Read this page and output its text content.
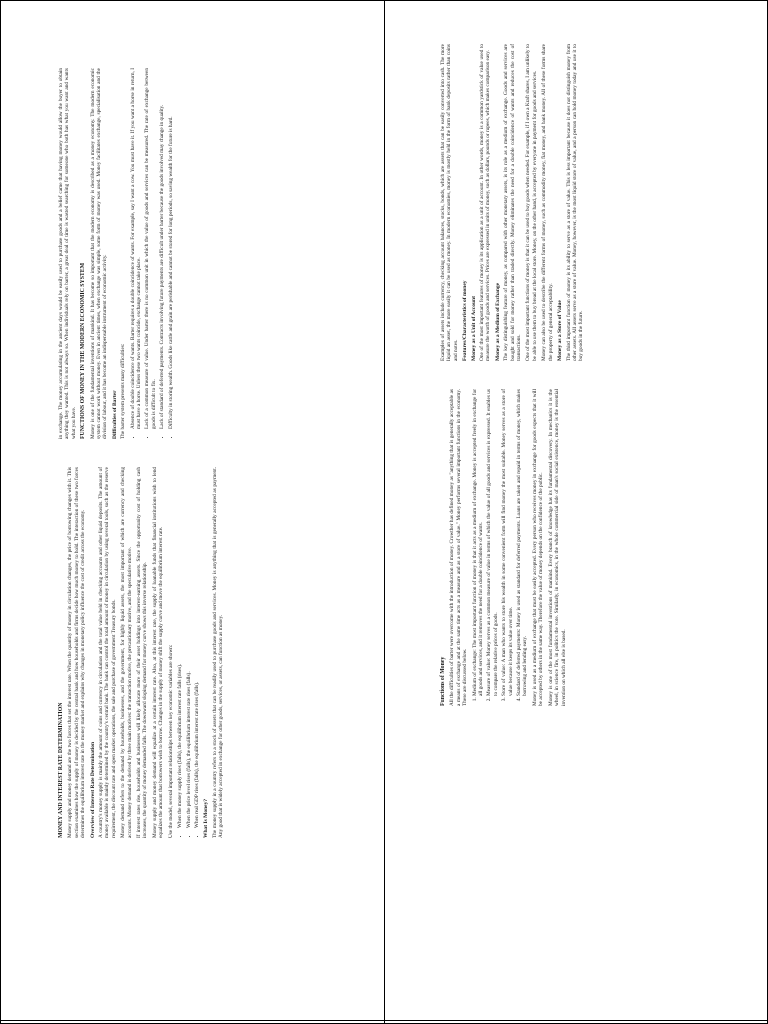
MONEY AND INTEREST RATE DETERMINATION Money supply and money demand are the two forces that set the interest rate. When the quantity of money in circulation changes, the price of borrowing changes with it. This section examines how the supply of money is decided by the central bank and how households and firms decide how much money to hold. The interaction of these two forces determines the equilibrium interest rate in the money market and explains why changes in monetary policy influence the cost of credit across the economy. Overview of Interest Rate Determination A country's money supply is mainly the amount of coins and currency in circulation and the total value held in checking accounts and other liquid deposits. The amount of money available is mainly determined by the country's central bank. The bank can control the total amount of money in circulation by using several tools, such as the reserve requirement, the discount rate and open market operations, the sale and purchase of government Treasury bonds. Money demand refers to the demand by households, businesses, and the government, for highly liquid assets, the most important of which are currency and checking accounts. Money demand is derived by three main motives: the transaction motive, the precautionary motive, and the speculative motive. If interest rates rise, households and businesses will likely allocate more of their asset holdings into interest-earning assets. Since the opportunity cost of holding cash increases, the quantity of money demanded falls. The downward sloping demand for money curve shows this inverse relationship. Money supply and money demand will equalize at a certain interest rate. Also, at this interest rate, the supply of loanable funds that financial institutions wish to lend equalizes the amount that borrowers wish to borrow. Changes in the supply of money shift the supply curve and move the equilibrium interest rate. Use the model, several important relationships between key economic variables are shown: • When the money supply rises (falls), the equilibrium interest rate falls (rises). • When the price level rises (falls), the equilibrium interest rate rises (falls). • When real GDP rises (falls), the equilibrium interest rate rises (falls). What Is Money? The money supply in a country refers to a stock of assets that can be readily used to purchase goods and services. Money is anything that is generally accepted as payment. Any good that is widely accepted in exchange for other goods, services, or assets, can function as money.

in exchange. The money accumulating in the ancient days would be easily used to purchase goods and a belief came that having money would allow the buyer to obtain anything they wanted. This is not always so. When individuals rely on barter, a great deal of time is wasted searching for someone who both has what you want and wants what you have. FUNCTIONS OF MONEY IN THE MODERN ECONOMIC SYSTEM Money is one of the fundamental inventions of mankind. It has become so important that the modern economy is described as a money economy. The modern economic system cannot work without money. Even in ancient times, when exchange was simple, some form of money was used. Money facilitates exchange, specialisation and the division of labour, and it has become an indispensable instrument of economic activity. Difficulties of Barter The barter system presents many difficulties: • Absence of double coincidence of wants. Barter requires a double coincidence of wants. For example, say I want a cow. You must have it. If you want a horse in return, I must have a horse. Unless these two wants coincide, exchange cannot take place. • Lack of a common measure of value. Under barter there is no common unit in which the value of goods and services can be measured. The rate of exchange between goods is difficult to fix. • Lack of standard of deferred payments. Contracts involving future payments are difficult under barter because the goods involved may change in quality. • Difficulty in storing wealth. Goods like cattle and grain are perishable and cannot be stored for long periods, so saving wealth for the future is hard.
Functions of Money All the difficulties of barter were overcome with the introduction of money. Crowther has defined money as "anything that is generally acceptable as a means of exchange and at the same time acts as a measure and as a store of value." Money performs several important functions in the economy. These are discussed below. 1. Medium of exchange: The most important function of money is that it acts as a medium of exchange. Money is accepted freely in exchange for all goods and services, and it removes the need for a double coincidence of wants. 2. Measure of value: Money serves as a common measure of value in terms of which the value of all goods and services is expressed. It enables us to compare the relative prices of goods. 3. Store of value: A man who wants to store his wealth in some convenient form will find money the most suitable. Money serves as a store of value because it keeps its value over time. 4. Standard of deferred payments: Money is used as standard for deferred payments. Loans are taken and repaid in terms of money, which makes borrowing and lending easy. Money is used as a medium of exchange that must be easily accepted. Every person who receives money in exchange for goods expects that it will be accepted by others in the same way. Therefore the value of money depends on the confidence of the public. Money is one of the most fundamental inventions of mankind. Every branch of knowledge has its fundamental discovery. In mechanics it is the wheel, in science fire, in politics the vote. Similarly, in economics, in the whole commercial side of man's social existence, money is the essential invention on which all else is based.

Examples of assets include currency, checking account balances, stocks, bonds, which are assets that can be easily converted into cash. The more liquid an asset, the more easily it can be used as money. In modern economies, money is mostly held in the form of bank deposits rather than coins and notes. Features/Characteristics of money Money as a Unit of Account One of the most important features of money is its application as a unit of account. In other words, money is a common yardstick of value used to measure the worth of goods and services. Prices are expressed in units of money, such as dollars, pounds or rupees, which makes comparison easy. Money as a Medium of Exchange The key distinguishing feature of money, as compared with other monetary assets, is its role as a medium of exchange. Goods and services are bought and sold for money rather than traded directly. Money eliminates the need for a double coincidence of wants and reduces the cost of transactions. One of the most important functions of money is that it can be used to buy goods when needed. For example, if I own a Kraft shares, I am unlikely to be able to use them to buy bread at the local store. Money, on the other hand, is accepted by everyone in payment for goods and services. Money can also be used to describe the different forms of money, such as commodity money, fiat money, and bank money. All of these forms share the property of general acceptability. Money as a Store of Value The third important function of money is its ability to serve as a store of value. This is less important because it does not distinguish money from other assets. All assets serve as a store of value. Money, however, is the most liquid store of value, and a person can hold money today and use it to buy goods in the future.
